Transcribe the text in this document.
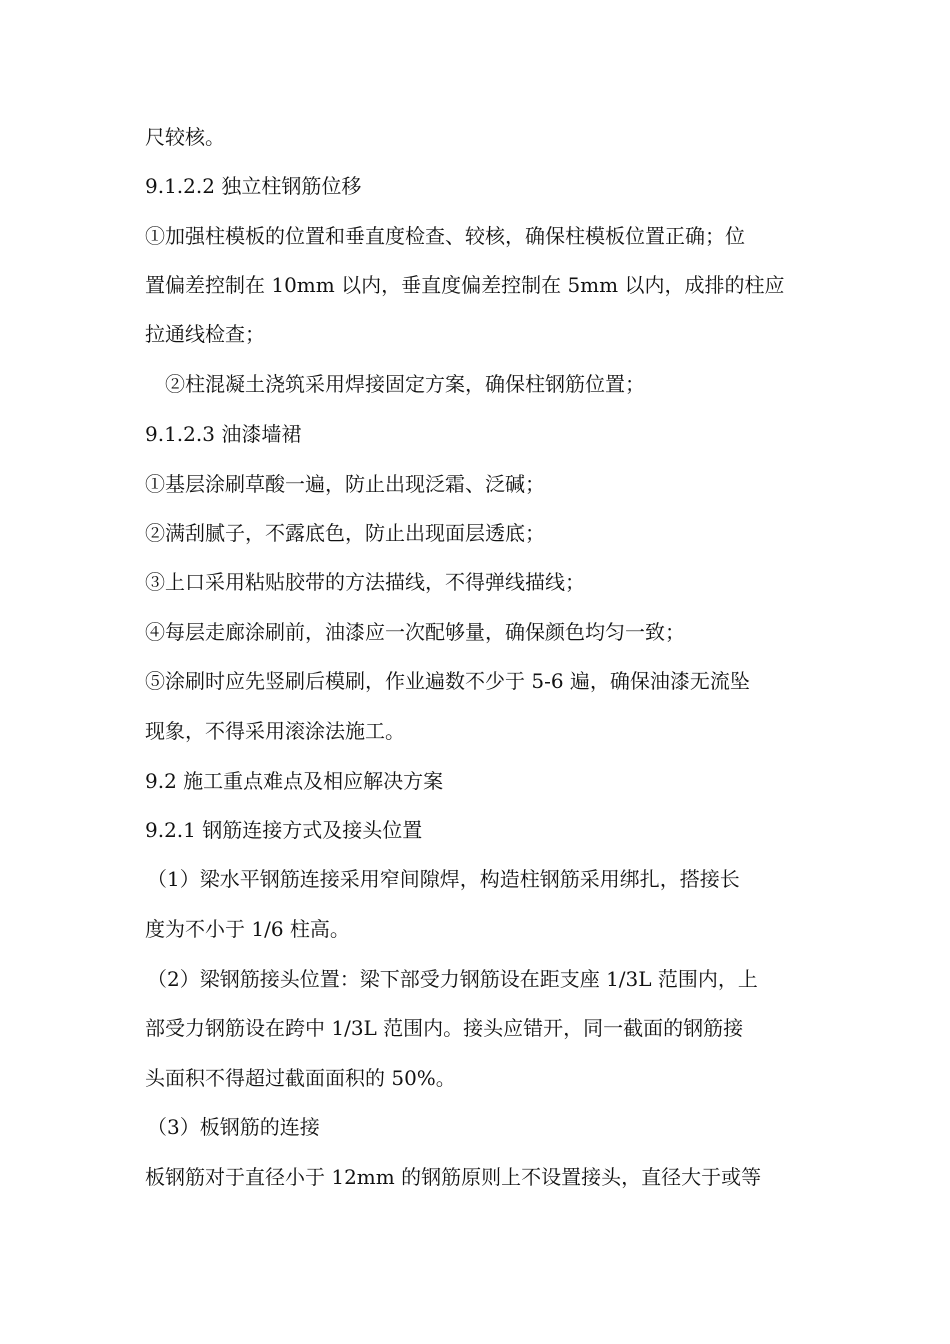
尺较核。
9.1.2.2 独立柱钢筋位移
①加强柱模板的位置和垂直度检查、较核，确保柱模板位置正确；位
置偏差控制在 10mm 以内，垂直度偏差控制在 5mm 以内，成排的柱应
拉通线检查；
②柱混凝土浇筑采用焊接固定方案，确保柱钢筋位置；
9.1.2.3 油漆墙裙
①基层涂刷草酸一遍，防止出现泛霜、泛碱；
②满刮腻子，不露底色，防止出现面层透底；
③上口采用粘贴胶带的方法描线，不得弹线描线；
④每层走廊涂刷前，油漆应一次配够量，确保颜色均匀一致；
⑤涂刷时应先竖刷后模刷，作业遍数不少于 5-6 遍，确保油漆无流坠
现象，不得采用滚涂法施工。
9.2 施工重点难点及相应解决方案
9.2.1 钢筋连接方式及接头位置
（1）梁水平钢筋连接采用窄间隙焊，构造柱钢筋采用绑扎，搭接长
度为不小于 1/6 柱高。
（2）梁钢筋接头位置：梁下部受力钢筋设在距支座 1/3L 范围内，上
部受力钢筋设在跨中 1/3L 范围内。接头应错开，同一截面的钢筋接
头面积不得超过截面面积的 50%。
（3）板钢筋的连接
板钢筋对于直径小于 12mm 的钢筋原则上不设置接头，直径大于或等
